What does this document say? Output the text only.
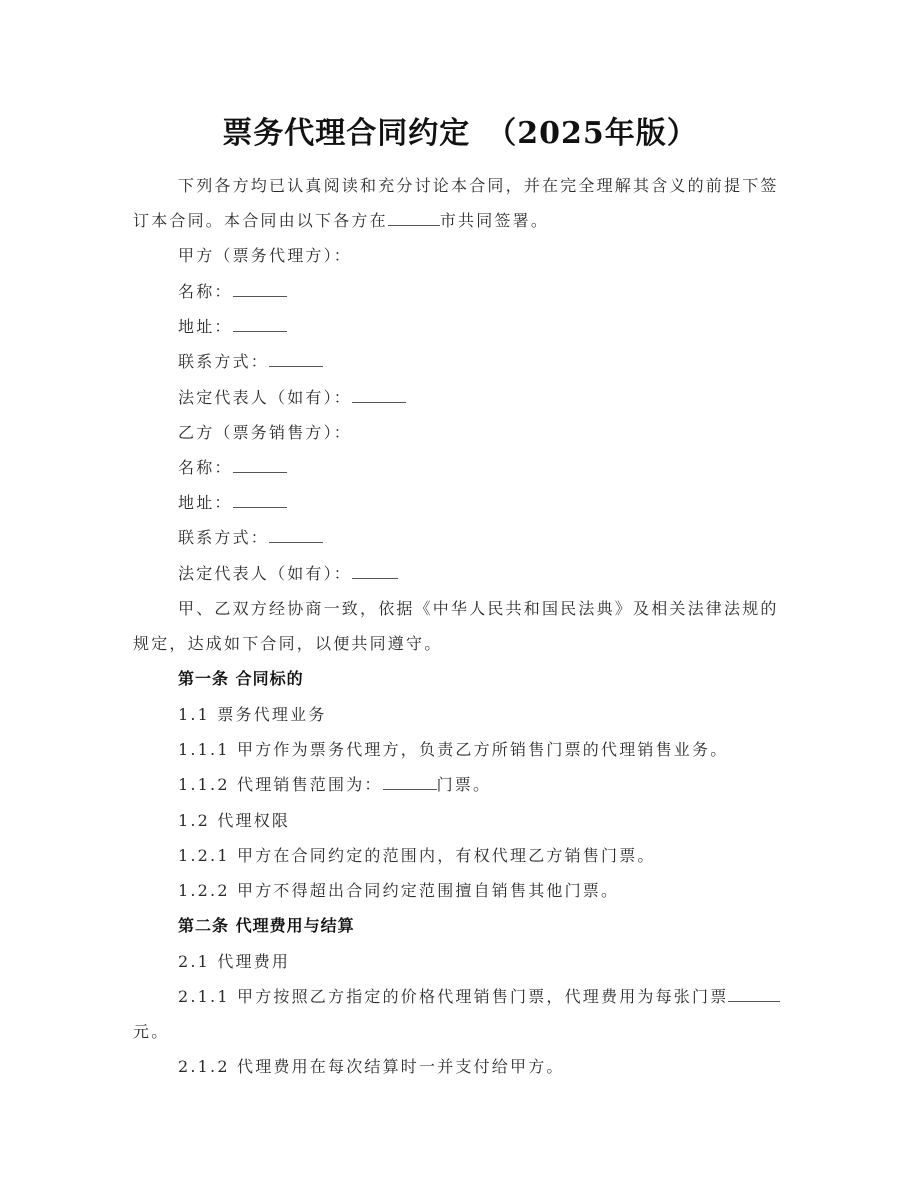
票务代理合同约定　（2025年版）
下列各方均已认真阅读和充分讨论本合同，并在完全理解其含义的前提下签
订本合同。本合同由以下各方在	市共同签署。
甲方（票务代理方）：
名称：
地址：
联系方式：
法定代表人（如有）：
乙方（票务销售方）：
名称：
地址：
联系方式：
法定代表人（如有）：
甲、乙双方经协商一致，依据《中华人民共和国民法典》及相关法律法规的
规定，达成如下合同，以便共同遵守。
第一条 合同标的
1.1 票务代理业务
1.1.1 甲方作为票务代理方，负责乙方所销售门票的代理销售业务。
1.1.2 代理销售范围为：	门票。
1.2 代理权限
1.2.1 甲方在合同约定的范围内，有权代理乙方销售门票。
1.2.2 甲方不得超出合同约定范围擅自销售其他门票。
第二条 代理费用与结算
2.1 代理费用
2.1.1 甲方按照乙方指定的价格代理销售门票，代理费用为每张门票
元。
2.1.2 代理费用在每次结算时一并支付给甲方。
